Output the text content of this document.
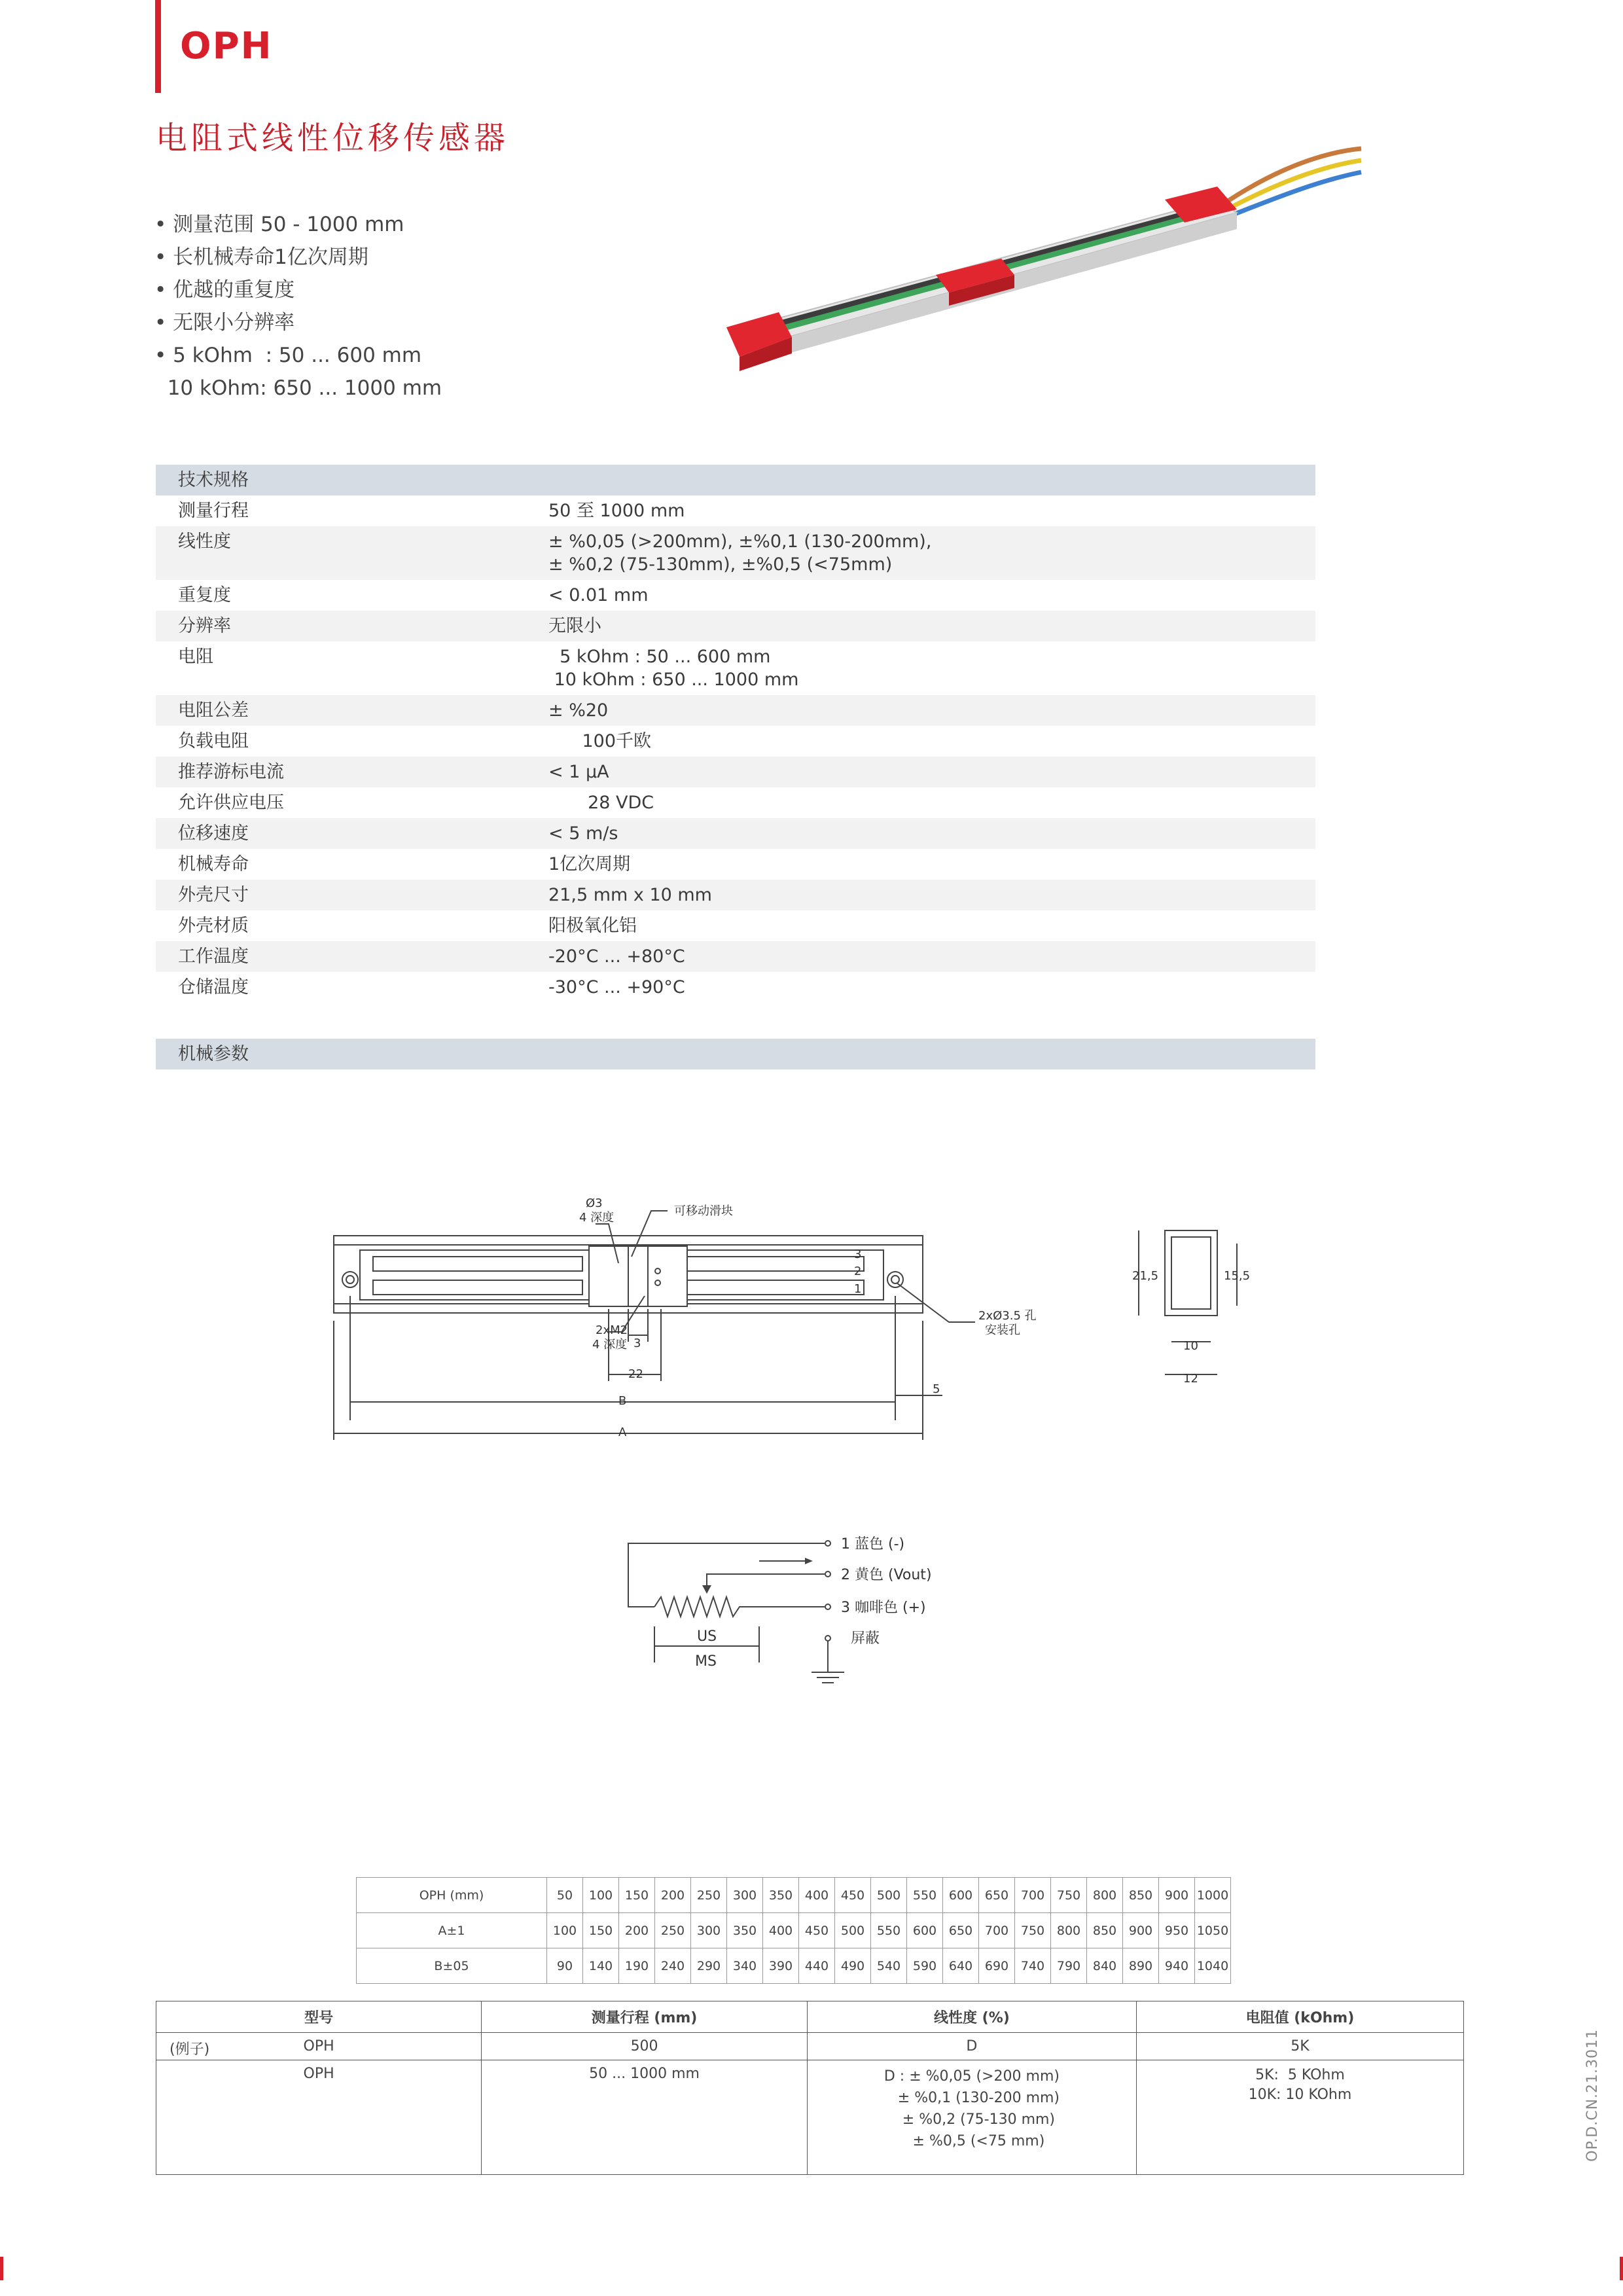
OPH
电阻式线性位移传感器
• 测量范围 50 - 1000 mm
• 长机械寿命1亿次周期
• 优越的重复度
• 无限小分辨率
• 5 kOhm  : 50 ... 600 mm
10 kOhm: 650 ... 1000 mm
技术规格
测量行程	50 至 1000 mm
线性度	± %0,05 (>200mm), ±%0,1 (130-200mm),
± %0,2 (75-130mm), ±%0,5 (<75mm)
重复度	< 0.01 mm
分辨率	无限小
电阻	5 kOhm : 50 ... 600 mm
10 kOhm : 650 ... 1000 mm
电阻公差	± %20
负载电阻	100千欧
推荐游标电流	< 1 µA
允许供应电压	28 VDC
位移速度	< 5 m/s
机械寿命	1亿次周期
外壳尺寸	21,5 mm x 10 mm
外壳材质	阳极氧化铝
工作温度	-20°C ... +80°C
仓储温度	-30°C ... +90°C
机械参数
3
2
1
Ø3
4 深度	可移动滑块
2xM2
4 深度
2xØ3.5 孔
安装孔
3
22
5
B
A
21,5	15,5
10
12
1 蓝色 (-)
2 黄色 (Vout)
3 咖啡色 (+)
屏蔽
US
MS
OPH (mm)	50	100	150	200	250	300	350	400	450	500	550	600	650	700	750	800	850	900	1000
A±1	100	150	200	250	300	350	400	450	500	550	600	650	700	750	800	850	900	950	1050
B±05	90	140	190	240	290	340	390	440	490	540	590	640	690	740	790	840	890	940	1040
型号	测量行程 (mm)	线性度 (%)	电阻值 (kOhm)

(例子) OPH	500	D	5K
OPH	50 ... 1000 mm	D : ± %0,05 (>200 mm)
± %0,1 (130-200 mm)
± %0,2 (75-130 mm)
± %0,5 (<75 mm)	5K:  5 KOhm
10K: 10 KOhm	OP.D.CN.21.3011
